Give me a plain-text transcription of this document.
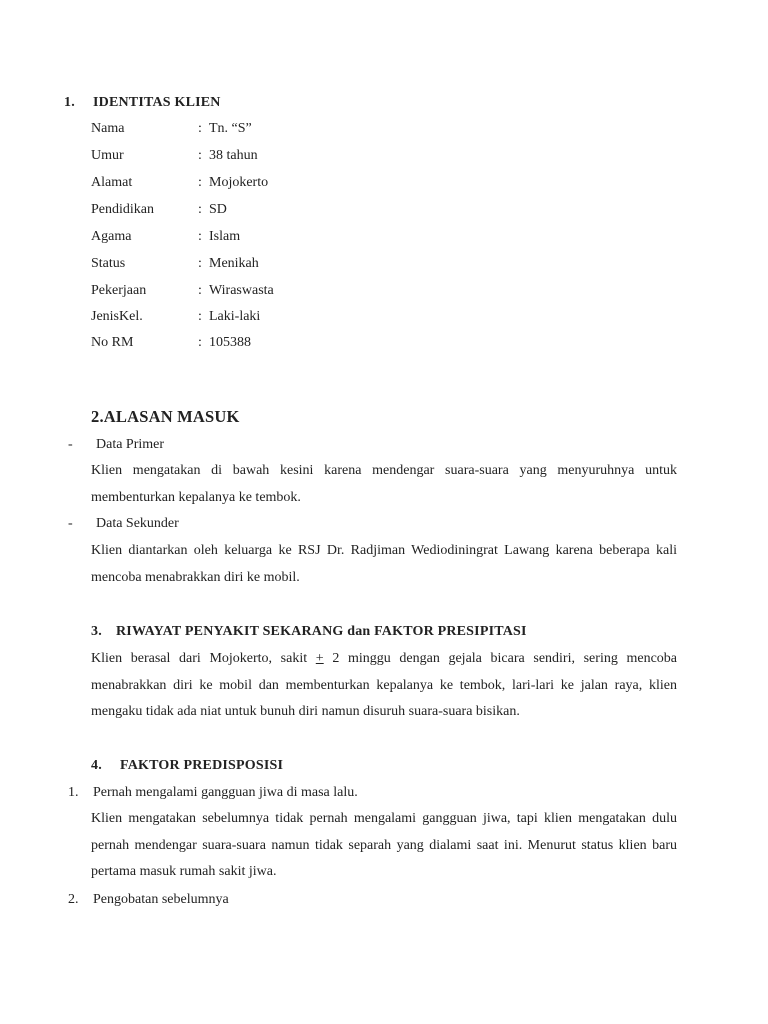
1. IDENTITAS KLIEN
Nama	: Tn. “S”
Umur	: 38 tahun
Alamat	: Mojokerto
Pendidikan	: SD
Agama	: Islam
Status	: Menikah
Pekerjaan	: Wiraswasta
JenisKel.	: Laki-laki
No RM	: 105388
2.ALASAN MASUK
- Data Primer

Klien mengatakan di bawah kesini karena mendengar suara-suara yang menyuruhnya untuk membenturkan kepalanya ke tembok.

- Data Sekunder

Klien diantarkan oleh keluarga ke RSJ Dr. Radjiman Wediodiningrat Lawang karena beberapa kali mencoba menabrakkan diri ke mobil.

3. RIWAYAT PENYAKIT SEKARANG dan FAKTOR PRESIPITASI

Klien berasal dari Mojokerto, sakit + 2 minggu dengan gejala bicara sendiri, sering mencoba menabrakkan diri ke mobil dan membenturkan kepalanya ke tembok, lari-lari ke jalan raya, klien mengaku tidak ada niat untuk bunuh diri namun disuruh suara-suara bisikan.

4. FAKTOR PREDISPOSISI
1. Pernah mengalami gangguan jiwa di masa lalu.

Klien mengatakan sebelumnya tidak pernah mengalami gangguan jiwa, tapi klien mengatakan dulu pernah mendengar suara-suara namun tidak separah yang dialami saat ini. Menurut status klien baru pertama masuk rumah sakit jiwa.

2. Pengobatan sebelumnya
